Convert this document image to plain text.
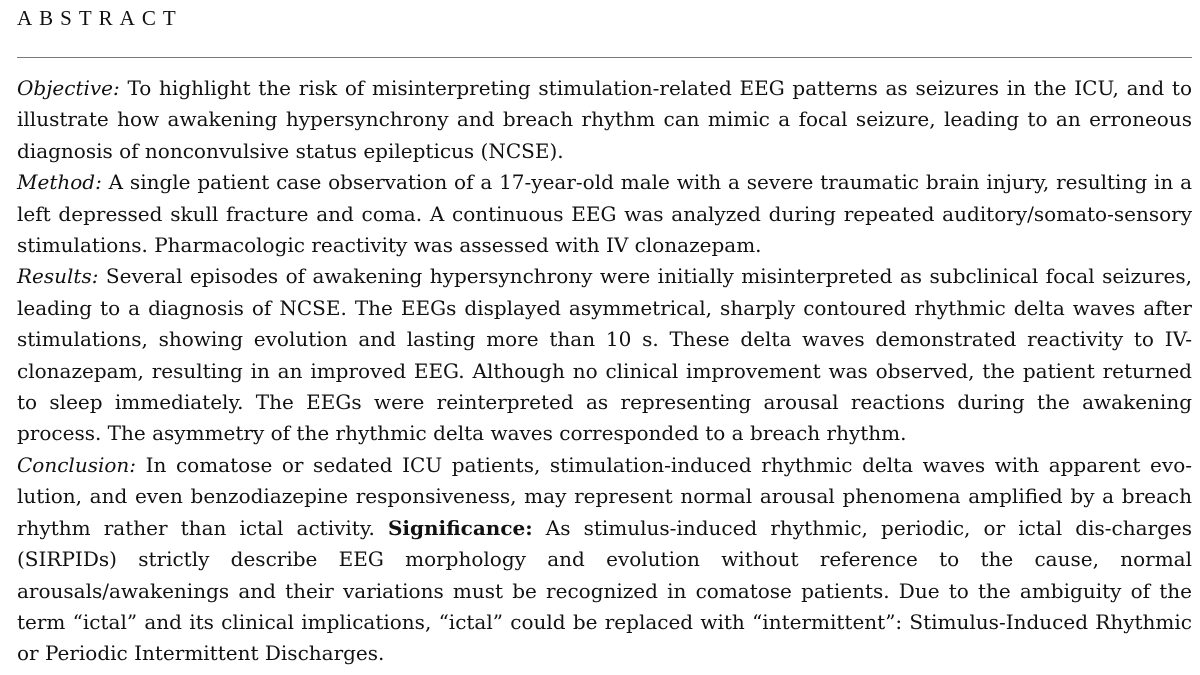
ABSTRACT

Objective: To highlight the risk of misinterpreting stimulation-related EEG patterns as seizures in the ICU, and to illustrate how awakening hypersynchrony and breach rhythm can mimic a focal seizure, leading to an erroneous diagnosis of nonconvulsive status epilepticus (NCSE).

Method: A single patient case observation of a 17-year-old male with a severe traumatic brain injury, resulting in a left depressed skull fracture and coma. A continuous EEG was analyzed during repeated auditory/somato-sensory stimulations. Pharmacologic reactivity was assessed with IV clonazepam.

Results: Several episodes of awakening hypersynchrony were initially misinterpreted as subclinical focal seizures, leading to a diagnosis of NCSE. The EEGs displayed asymmetrical, sharply contoured rhythmic delta waves after stimulations, showing evolution and lasting more than 10 s. These delta waves demonstrated reactivity to IV-clonazepam, resulting in an improved EEG. Although no clinical improvement was observed, the patient returned to sleep immediately. The EEGs were reinterpreted as representing arousal reactions during the awakening process. The asymmetry of the rhythmic delta waves corresponded to a breach rhythm.

Conclusion: In comatose or sedated ICU patients, stimulation-induced rhythmic delta waves with apparent evo-lution, and even benzodiazepine responsiveness, may represent normal arousal phenomena amplified by a breach rhythm rather than ictal activity. Significance: As stimulus-induced rhythmic, periodic, or ictal dis-charges (SIRPIDs) strictly describe EEG morphology and evolution without reference to the cause, normal arousals/awakenings and their variations must be recognized in comatose patients. Due to the ambiguity of the term “ictal” and its clinical implications, “ictal” could be replaced with “intermittent”: Stimulus-Induced Rhythmic or Periodic Intermittent Discharges.
